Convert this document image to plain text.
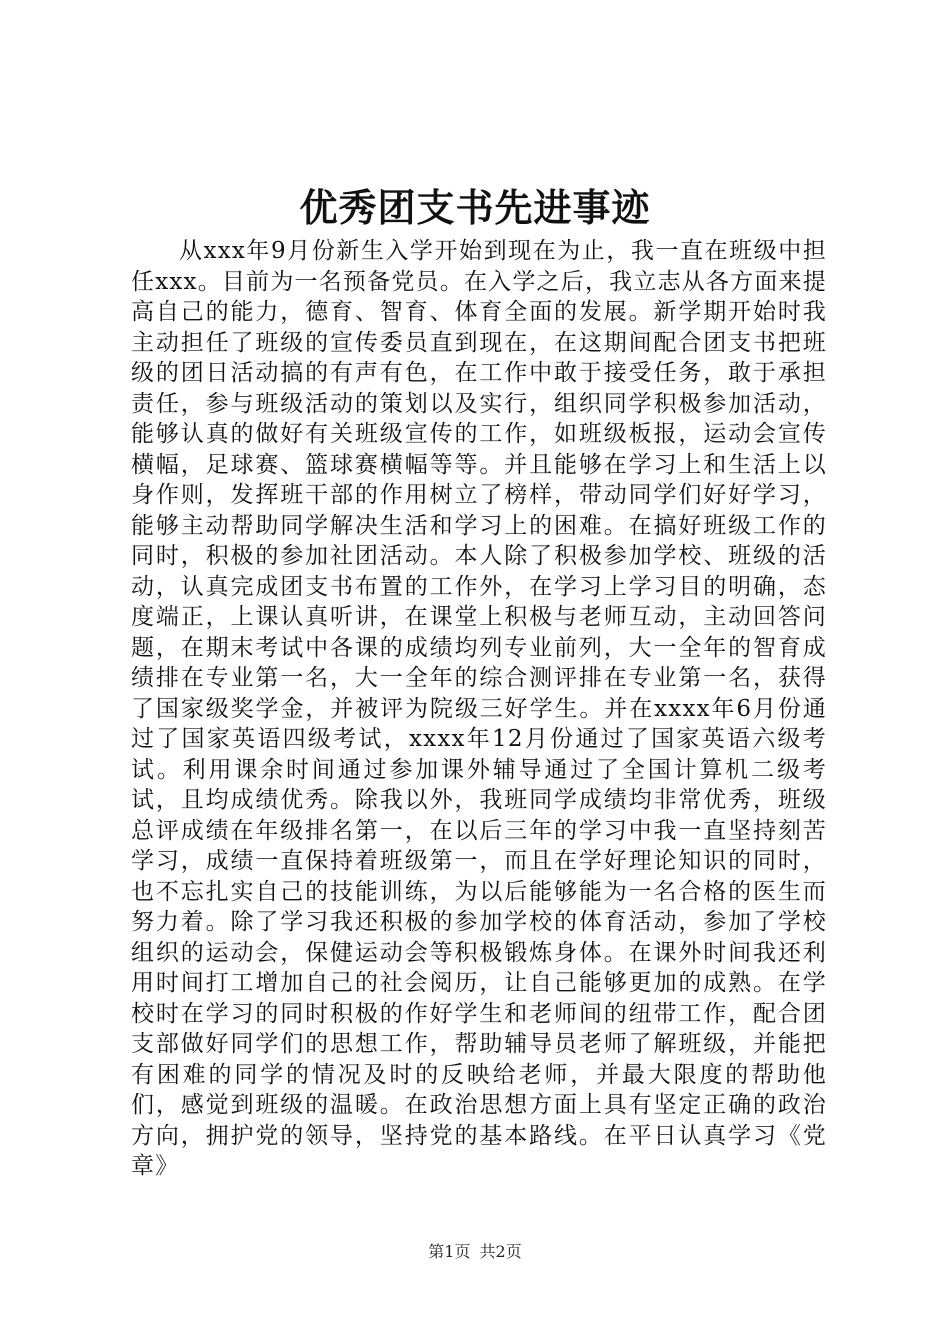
优秀团支书先进事迹

从xxx年9月份新生入学开始到现在为止，我一直在班级中担任xxx。目前为一名预备党员。在入学之后，我立志从各方面来提高自己的能力，德育、智育、体育全面的发展。新学期开始时我主动担任了班级的宣传委员直到现在，在这期间配合团支书把班级的团日活动搞的有声有色，在工作中敢于接受任务，敢于承担责任，参与班级活动的策划以及实行，组织同学积极参加活动，能够认真的做好有关班级宣传的工作，如班级板报，运动会宣传横幅，足球赛、篮球赛横幅等等。并且能够在学习上和生活上以身作则，发挥班干部的作用树立了榜样，带动同学们好好学习，能够主动帮助同学解决生活和学习上的困难。在搞好班级工作的同时，积极的参加社团活动。本人除了积极参加学校、班级的活动，认真完成团支书布置的工作外，在学习上学习目的明确，态度端正，上课认真听讲，在课堂上积极与老师互动，主动回答问题，在期末考试中各课的成绩均列专业前列，大一全年的智育成绩排在专业第一名，大一全年的综合测评排在专业第一名，获得了国家级奖学金，并被评为院级三好学生。并在xxxx年6月份通过了国家英语四级考试，xxxx年12月份通过了国家英语六级考试。利用课余时间通过参加课外辅导通过了全国计算机二级考试，且均成绩优秀。除我以外，我班同学成绩均非常优秀，班级总评成绩在年级排名第一，在以后三年的学习中我一直坚持刻苦学习，成绩一直保持着班级第一，而且在学好理论知识的同时，也不忘扎实自己的技能训练，为以后能够能为一名合格的医生而努力着。除了学习我还积极的参加学校的体育活动，参加了学校组织的运动会，保健运动会等积极锻炼身体。在课外时间我还利用时间打工增加自己的社会阅历，让自己能够更加的成熟。在学校时在学习的同时积极的作好学生和老师间的纽带工作，配合团支部做好同学们的思想工作，帮助辅导员老师了解班级，并能把有困难的同学的情况及时的反映给老师，并最大限度的帮助他们，感觉到班级的温暖。在政治思想方面上具有坚定正确的政治方向，拥护党的领导，坚持党的基本路线。在平日认真学习《党章》

第1页 共2页
